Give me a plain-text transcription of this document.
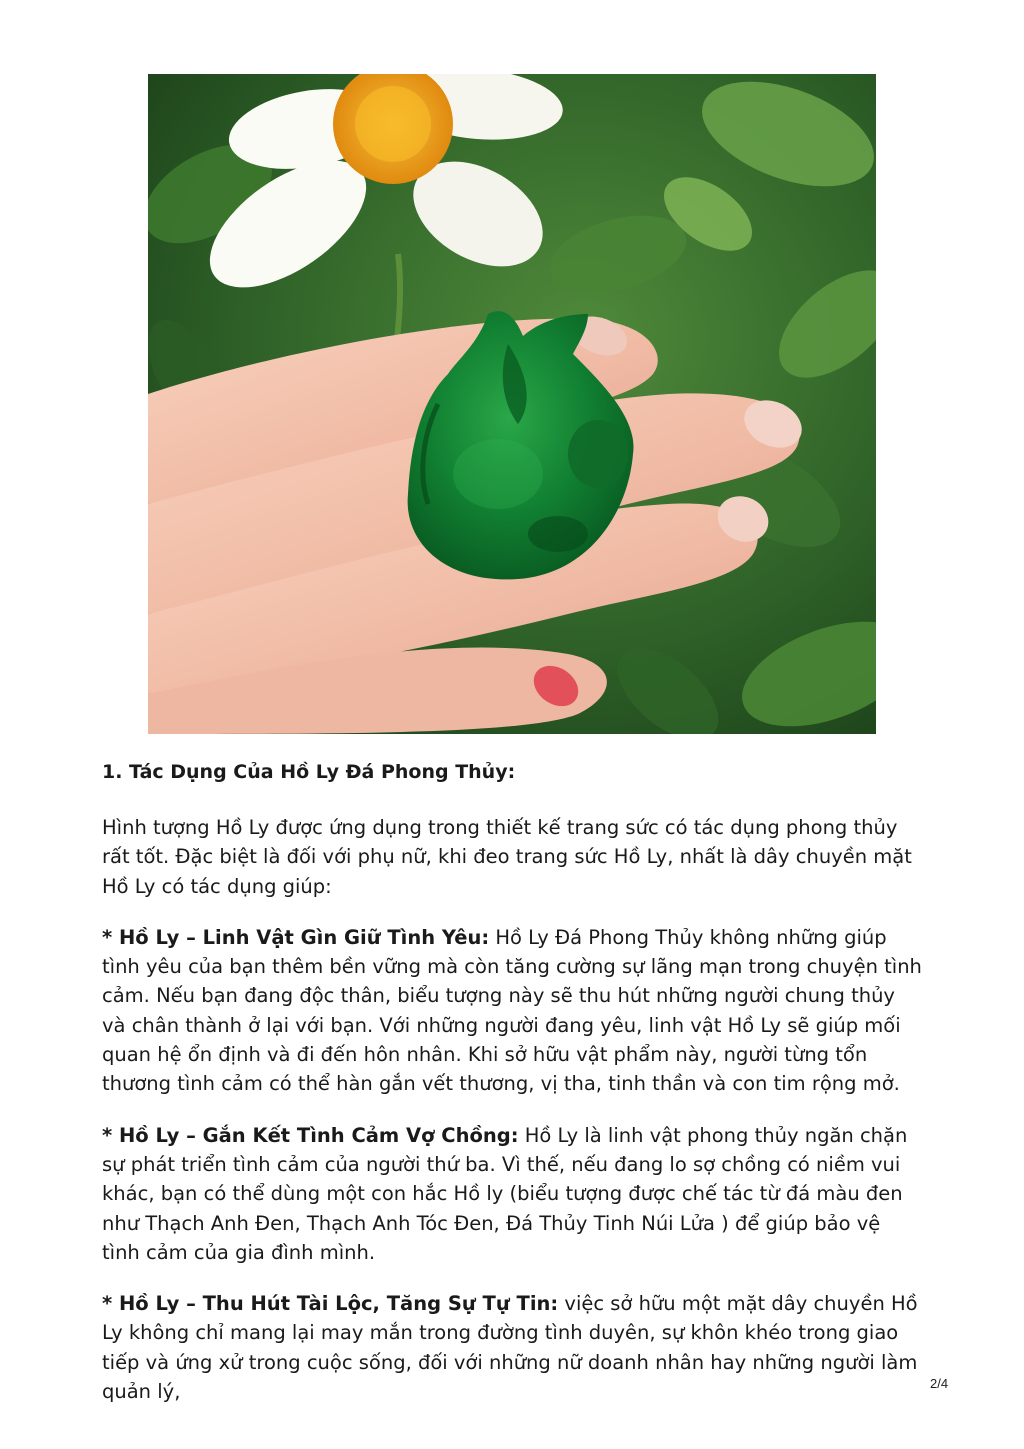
1. Tác Dụng Của Hồ Ly Đá Phong Thủy:

Hình tượng Hồ Ly được ứng dụng trong thiết kế trang sức có tác dụng phong thủy rất tốt. Đặc biệt là đối với phụ nữ, khi đeo trang sức Hồ Ly, nhất là dây chuyền mặt Hồ Ly có tác dụng giúp:

* Hồ Ly – Linh Vật Gìn Giữ Tình Yêu: Hồ Ly Đá Phong Thủy không những giúp tình yêu của bạn thêm bền vững mà còn tăng cường sự lãng mạn trong chuyện tình cảm. Nếu bạn đang độc thân, biểu tượng này sẽ thu hút những người chung thủy và chân thành ở lại với bạn. Với những người đang yêu, linh vật Hồ Ly sẽ giúp mối quan hệ ổn định và đi đến hôn nhân. Khi sở hữu vật phẩm này, người từng tổn thương tình cảm có thể hàn gắn vết thương, vị tha, tinh thần và con tim rộng mở.

* Hồ Ly – Gắn Kết Tình Cảm Vợ Chồng: Hồ Ly là linh vật phong thủy ngăn chặn sự phát triển tình cảm của người thứ ba. Vì thế, nếu đang lo sợ chồng có niềm vui khác, bạn có thể dùng một con hắc Hồ ly (biểu tượng được chế tác từ đá màu đen như Thạch Anh Đen, Thạch Anh Tóc Đen, Đá Thủy Tinh Núi Lửa ) để giúp bảo vệ tình cảm của gia đình mình.

* Hồ Ly – Thu Hút Tài Lộc, Tăng Sự Tự Tin: việc sở hữu một mặt dây chuyền Hồ Ly không chỉ mang lại may mắn trong đường tình duyên, sự khôn khéo trong giao tiếp và ứng xử trong cuộc sống, đối với những nữ doanh nhân hay những người làm quản lý,	2/4
